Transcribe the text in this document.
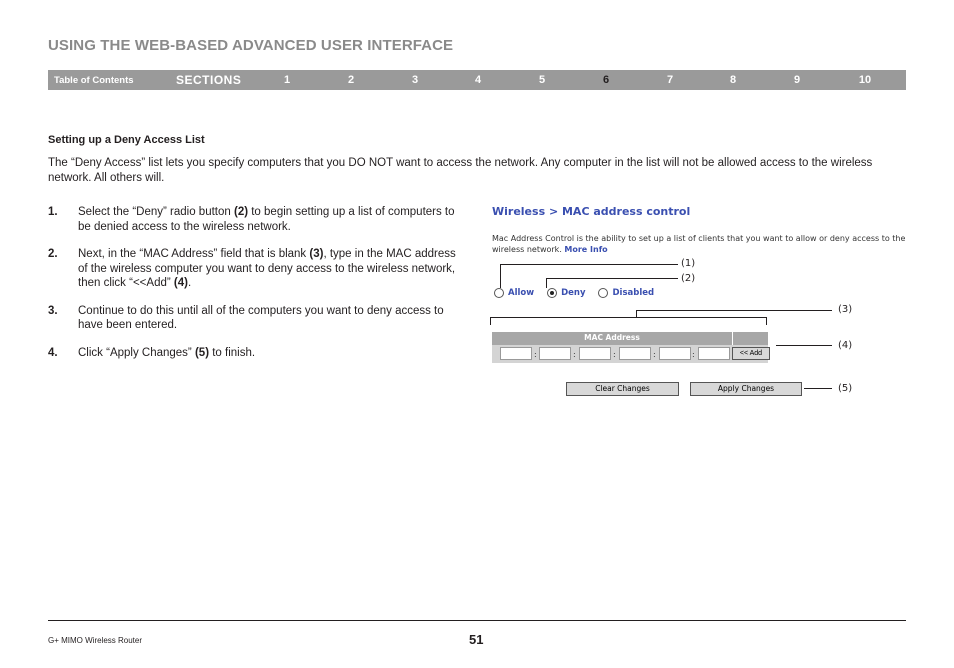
USING THE WEB-BASED ADVANCED USER INTERFACE
Table of Contents	SECTIONS	1	2	3	4	5	6	7	8	9	10
Setting up a Deny Access List
The “Deny Access” list lets you specify computers that you DO NOT want to access the network. Any computer in the list will not be allowed access to the wireless network. All others will.
1. Select the “Deny” radio button (2) to begin setting up a list of computers to be denied access to the wireless network.
2. Next, in the “MAC Address” field that is blank (3), type in the MAC address of the wireless computer you want to deny access to the wireless network, then click “<<Add” (4).
3. Continue to do this until all of the computers you want to deny access to have been entered.
4. Click “Apply Changes” (5) to finish.
Wireless > MAC address control
Mac Address Control is the ability to set up a list of clients that you want to allow or deny access to the wireless network. More Info
(1)
(2)
Allow
	Deny
	Disabled
(3)
MAC Address
:	:	:	:	:	<< Add
(4)
Clear Changes	Apply Changes	(5)
G+ MIMO Wireless Router	51
